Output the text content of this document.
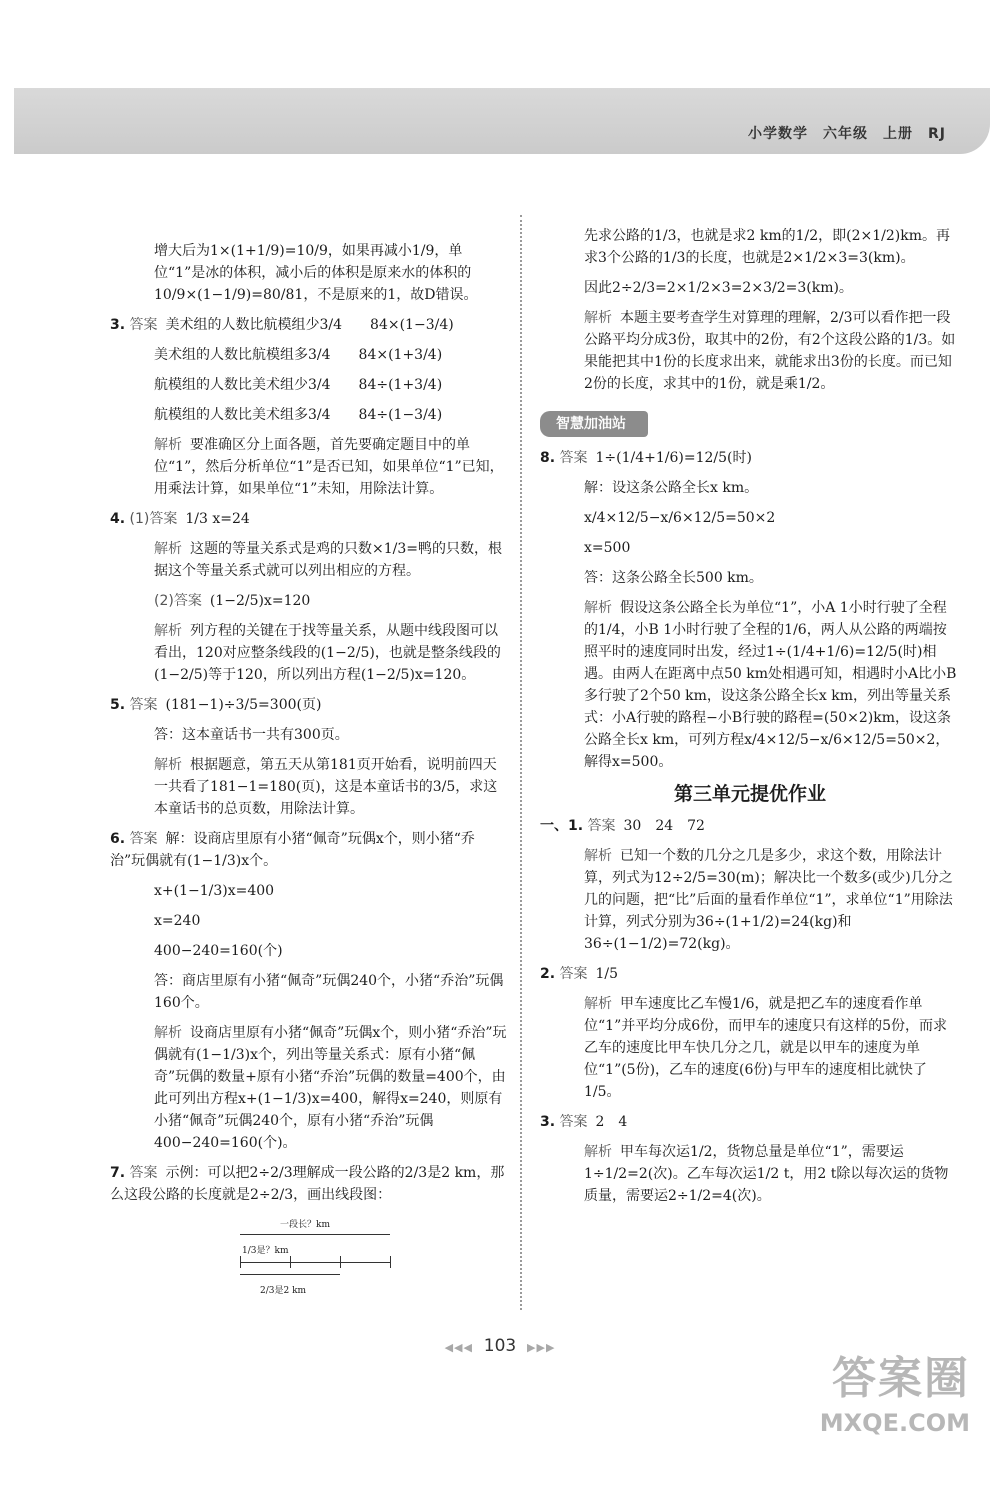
小学数学　六年级　上册　RJ
增大后为1×(1+1/9)=10/9，如果再减小1/9，单位“1”是冰的体积，减小后的体积是原来水的体积的10/9×(1−1/9)=80/81，不是原来的1，故D错误。
3. 答案 美术组的人数比航模组少3/4　　84×(1−3/4)
美术组的人数比航模组多3/4　　84×(1+3/4)
航模组的人数比美术组少3/4　　84÷(1+3/4)
航模组的人数比美术组多3/4　　84÷(1−3/4)
解析 要准确区分上面各题，首先要确定题目中的单位“1”，然后分析单位“1”是否已知，如果单位“1”已知，用乘法计算，如果单位“1”未知，用除法计算。
4. (1)答案 1/3 x=24
解析 这题的等量关系式是鸡的只数×1/3=鸭的只数，根据这个等量关系式就可以列出相应的方程。
(2)答案 (1−2/5)x=120
解析 列方程的关键在于找等量关系，从题中线段图可以看出，120对应整条线段的(1−2/5)，也就是整条线段的(1−2/5)等于120，所以列出方程(1−2/5)x=120。
5. 答案 (181−1)÷3/5=300(页)
答：这本童话书一共有300页。
解析 根据题意，第五天从第181页开始看，说明前四天一共看了181−1=180(页)，这是本童话书的3/5，求这本童话书的总页数，用除法计算。
6. 答案 解：设商店里原有小猪“佩奇”玩偶x个，则小猪“乔治”玩偶就有(1−1/3)x个。
x+(1−1/3)x=400
x=240
400−240=160(个)
答：商店里原有小猪“佩奇”玩偶240个，小猪“乔治”玩偶160个。
解析 设商店里原有小猪“佩奇”玩偶x个，则小猪“乔治”玩偶就有(1−1/3)x个，列出等量关系式：原有小猪“佩奇”玩偶的数量+原有小猪“乔治”玩偶的数量=400个，由此可列出方程x+(1−1/3)x=400，解得x=240，则原有小猪“佩奇”玩偶240个，原有小猪“乔治”玩偶400−240=160(个)。
7. 答案 示例：可以把2÷2/3理解成一段公路的2/3是2 km，那么这段公路的长度就是2÷2/3，画出线段图：
一段长？km
1/3是？km
2/3是2 km
先求公路的1/3，也就是求2 km的1/2，即(2×1/2)km。再求3个公路的1/3的长度，也就是2×1/2×3=3(km)。
因此2÷2/3=2×1/2×3=2×3/2=3(km)。
解析 本题主要考查学生对算理的理解，2/3可以看作把一段公路平均分成3份，取其中的2份，有2个这段公路的1/3。如果能把其中1份的长度求出来，就能求出3份的长度。而已知2份的长度，求其中的1份，就是乘1/2。
智慧加油站
8. 答案 1÷(1/4+1/6)=12/5(时)
解：设这条公路全长x km。
x/4×12/5−x/6×12/5=50×2
x=500
答：这条公路全长500 km。
解析 假设这条公路全长为单位“1”，小A 1小时行驶了全程的1/4，小B 1小时行驶了全程的1/6，两人从公路的两端按照平时的速度同时出发，经过1÷(1/4+1/6)=12/5(时)相遇。由两人在距离中点50 km处相遇可知，相遇时小A比小B多行驶了2个50 km，设这条公路全长x km，列出等量关系式：小A行驶的路程−小B行驶的路程=(50×2)km，设这条公路全长x km，可列方程x/4×12/5−x/6×12/5=50×2，解得x=500。
第三单元提优作业
一、1. 答案 30　24　72
解析 已知一个数的几分之几是多少，求这个数，用除法计算，列式为12÷2/5=30(m)；解决比一个数多(或少)几分之几的问题，把“比”后面的量看作单位“1”，求单位“1”用除法计算，列式分别为36÷(1+1/2)=24(kg)和36÷(1−1/2)=72(kg)。
2. 答案 1/5
解析 甲车速度比乙车慢1/6，就是把乙车的速度看作单位“1”并平均分成6份，而甲车的速度只有这样的5份，而求乙车的速度比甲车快几分之几，就是以甲车的速度为单位“1”(5份)，乙车的速度(6份)与甲车的速度相比就快了1/5。
3. 答案 2　4
解析 甲车每次运1/2，货物总量是单位“1”，需要运1÷1/2=2(次)。乙车每次运1/2 t，用2 t除以每次运的货物质量，需要运2÷1/2=4(次)。
◀◀◀ 103 ▶▶▶
答案圈
MXQE.COM
